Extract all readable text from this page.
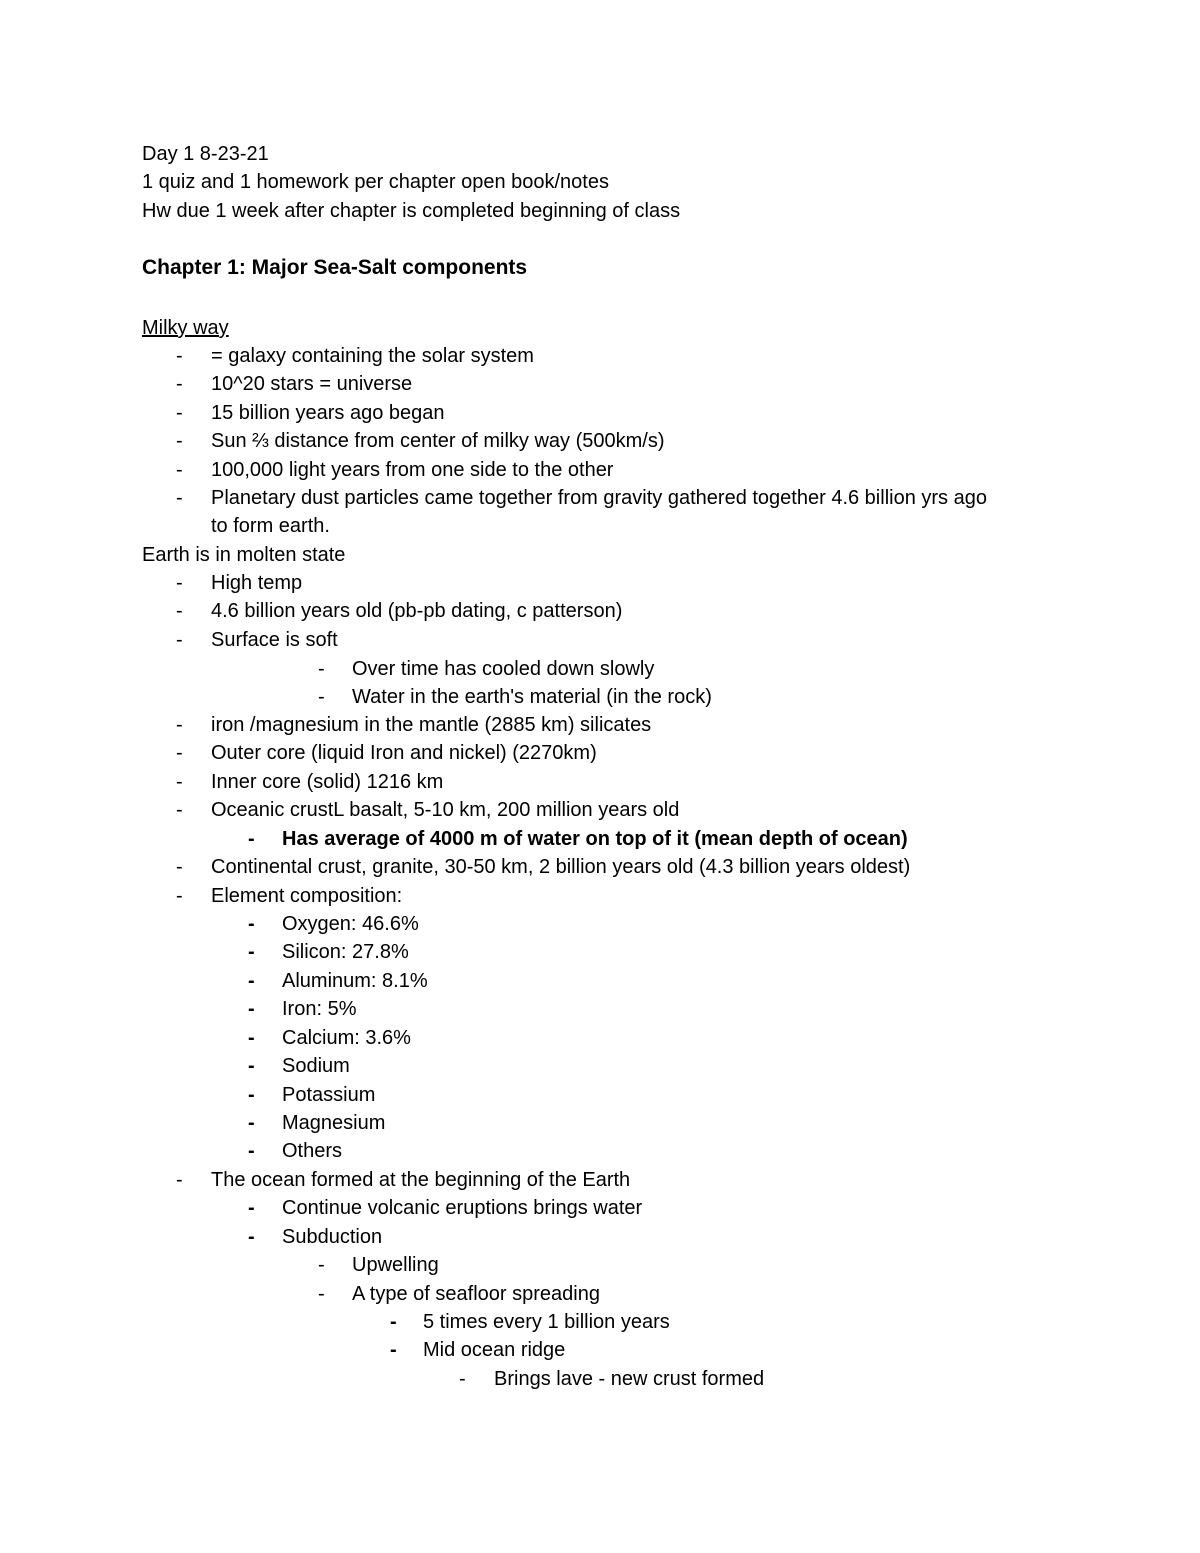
Day 1 8-23-21
1 quiz and 1 homework per chapter open book/notes
Hw due 1 week after chapter is completed beginning of class
Chapter 1: Major Sea-Salt components
Milky way
- = galaxy containing the solar system
- 10^20 stars = universe
- 15 billion years ago began
- Sun ⅔ distance from center of milky way (500km/s)
- 100,000 light years from one side to the other
- Planetary dust particles came together from gravity gathered together 4.6 billion yrs ago
to form earth.
Earth is in molten state
- High temp
- 4.6 billion years old (pb-pb dating, c patterson)
- Surface is soft
- Over time has cooled down slowly
- Water in the earth's material (in the rock)
- iron /magnesium in the mantle (2885 km) silicates
- Outer core (liquid Iron and nickel) (2270km)
- Inner core (solid) 1216 km
- Oceanic crustL basalt, 5-10 km, 200 million years old
- Has average of 4000 m of water on top of it (mean depth of ocean)
- Continental crust, granite, 30-50 km, 2 billion years old (4.3 billion years oldest)
- Element composition:
- Oxygen: 46.6%
- Silicon: 27.8%
- Aluminum: 8.1%
- Iron: 5%
- Calcium: 3.6%
- Sodium
- Potassium
- Magnesium
- Others
- The ocean formed at the beginning of the Earth
- Continue volcanic eruptions brings water
- Subduction
- Upwelling
- A type of seafloor spreading
- 5 times every 1 billion years
- Mid ocean ridge
- Brings lave - new crust formed
